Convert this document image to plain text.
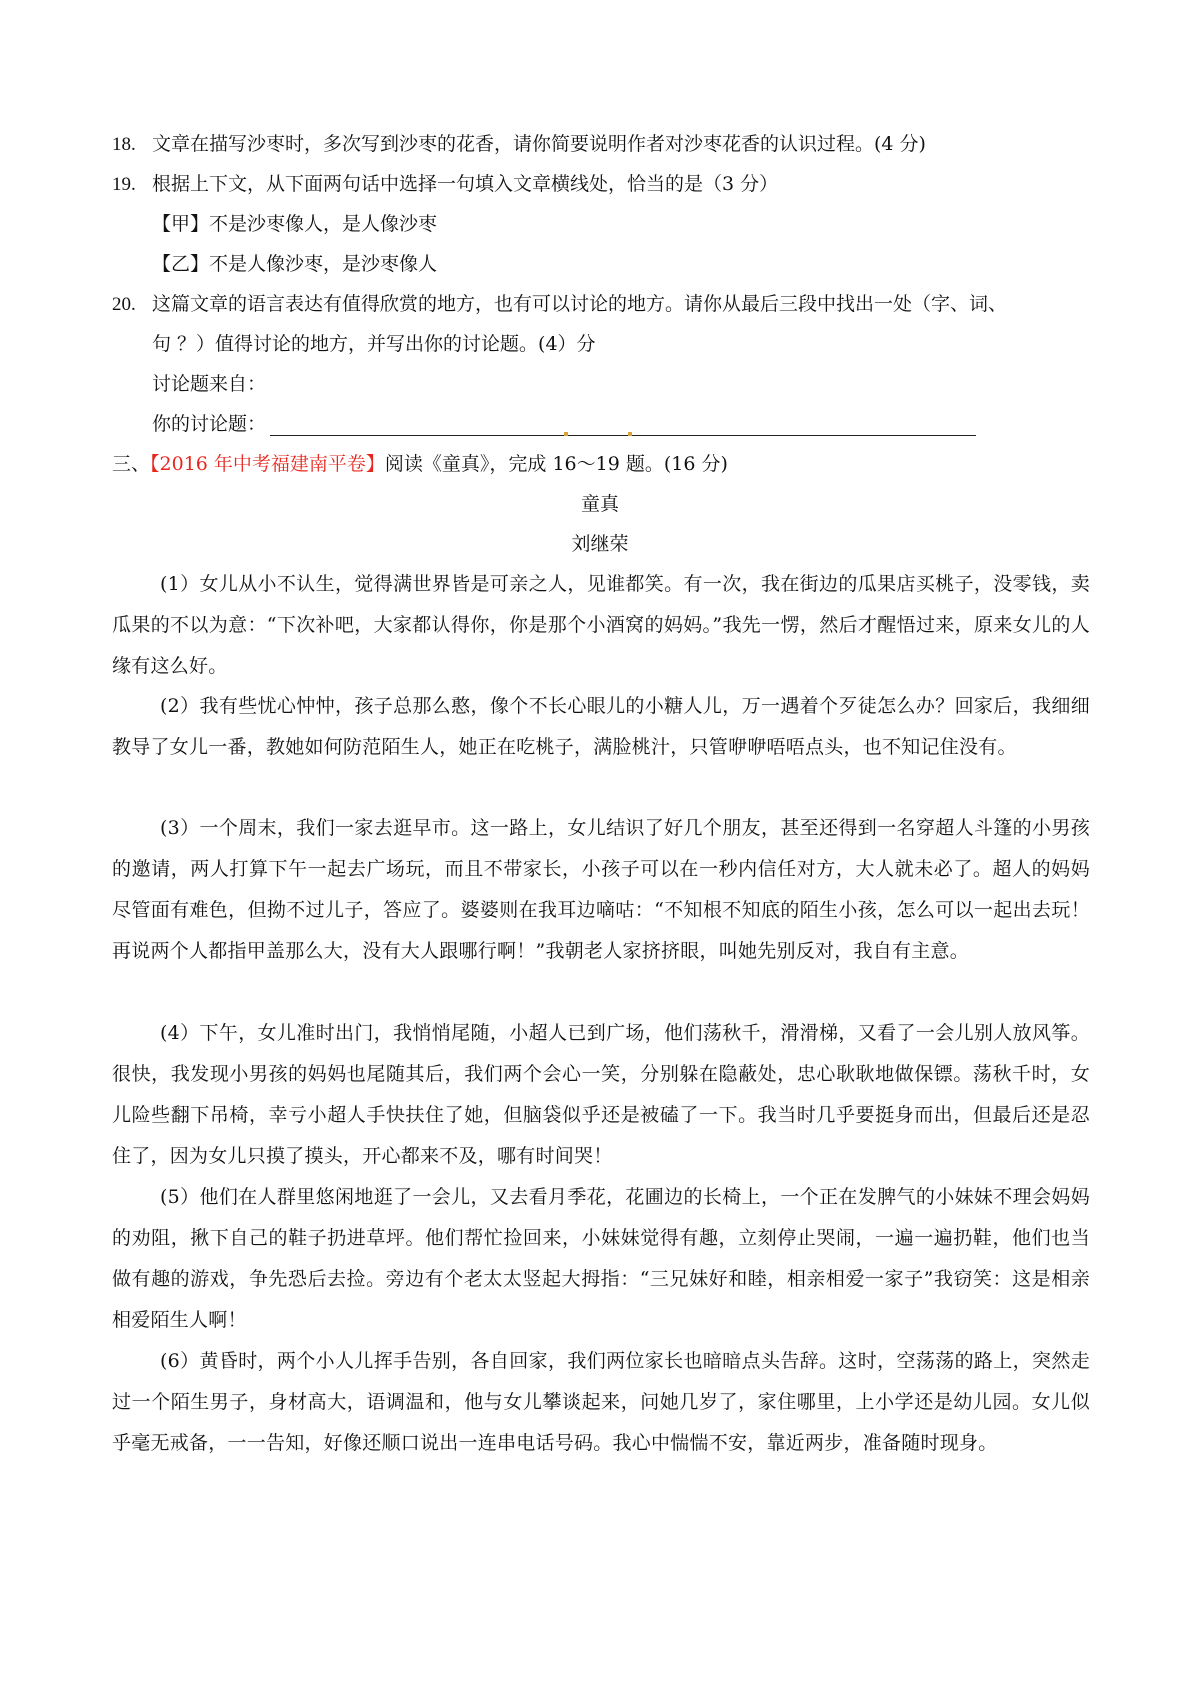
18. 文章在描写沙枣时，多次写到沙枣的花香，请你简要说明作者对沙枣花香的认识过程。(4 分)
19. 根据上下文，从下面两句话中选择一句填入文章横线处，恰当的是（3 分）
【甲】不是沙枣像人，是人像沙枣
【乙】不是人像沙枣，是沙枣像人
20. 这篇文章的语言表达有值得欣赏的地方，也有可以讨论的地方。请你从最后三段中找出一处（字、词、
句 ？）值得讨论的地方，并写出你的讨论题。(4）分
讨论题来自：
你的讨论题：
三、【2016 年中考福建南平卷】阅读《童真》，完成 16～19 题。(16 分)
童真
刘继荣
(1）女儿从小不认生，觉得满世界皆是可亲之人，见谁都笑。有一次，我在街边的瓜果店买桃子，没零钱，卖瓜果的不以为意：“下次补吧，大家都认得你，你是那个小酒窝的妈妈。”我先一愣，然后才醒悟过来，原来女儿的人缘有这么好。
(2）我有些忧心忡忡，孩子总那么憨，像个不长心眼儿的小糖人儿，万一遇着个歹徒怎么办？回家后，我细细教导了女儿一番，教她如何防范陌生人，她正在吃桃子，满脸桃汁，只管咿咿唔唔点头，也不知记住没有。
(3）一个周末，我们一家去逛早市。这一路上，女儿结识了好几个朋友，甚至还得到一名穿超人斗篷的小男孩的邀请，两人打算下午一起去广场玩，而且不带家长，小孩子可以在一秒内信任对方，大人就未必了。超人的妈妈尽管面有难色，但拗不过儿子，答应了。婆婆则在我耳边嘀咕：“不知根不知底的陌生小孩，怎么可以一起出去玩！再说两个人都指甲盖那么大，没有大人跟哪行啊！”我朝老人家挤挤眼，叫她先别反对，我自有主意。
(4）下午，女儿准时出门，我悄悄尾随，小超人已到广场，他们荡秋千，滑滑梯，又看了一会儿别人放风筝。很快，我发现小男孩的妈妈也尾随其后，我们两个会心一笑，分别躲在隐蔽处，忠心耿耿地做保镖。荡秋千时，女儿险些翻下吊椅，幸亏小超人手快扶住了她，但脑袋似乎还是被磕了一下。我当时几乎要挺身而出，但最后还是忍住了，因为女儿只摸了摸头，开心都来不及，哪有时间哭！
(5）他们在人群里悠闲地逛了一会儿，又去看月季花，花圃边的长椅上，一个正在发脾气的小妹妹不理会妈妈的劝阻，揪下自己的鞋子扔进草坪。他们帮忙捡回来，小妹妹觉得有趣，立刻停止哭闹，一遍一遍扔鞋，他们也当做有趣的游戏，争先恐后去捡。旁边有个老太太竖起大拇指：“三兄妹好和睦，相亲相爱一家子”我窃笑：这是相亲相爱陌生人啊！
(6）黄昏时，两个小人儿挥手告别，各自回家，我们两位家长也暗暗点头告辞。这时，空荡荡的路上，突然走过一个陌生男子，身材高大，语调温和，他与女儿攀谈起来，问她几岁了，家住哪里，上小学还是幼儿园。女儿似乎毫无戒备，一一告知，好像还顺口说出一连串电话号码。我心中惴惴不安，靠近两步，准备随时现身。
